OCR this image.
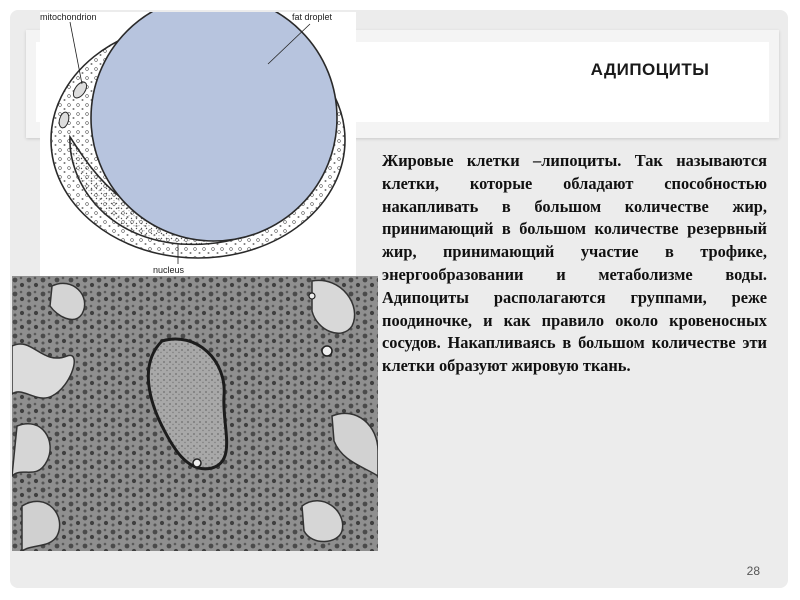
АДИПОЦИТЫ
mitochondrion	fat droplet
nucleus
Жировые клетки –липоциты. Так называются клетки, которые обладают способностью накапливать в большом количестве жир, принимающий в большом количестве резервный жир, принимающий участие в трофике, энергообразовании и метаболизме воды. Адипоциты располагаются группами, реже поодиночке, и как правило около кровеносных сосудов. Накапливаясь в большом количестве эти клетки образуют жировую ткань.
28
